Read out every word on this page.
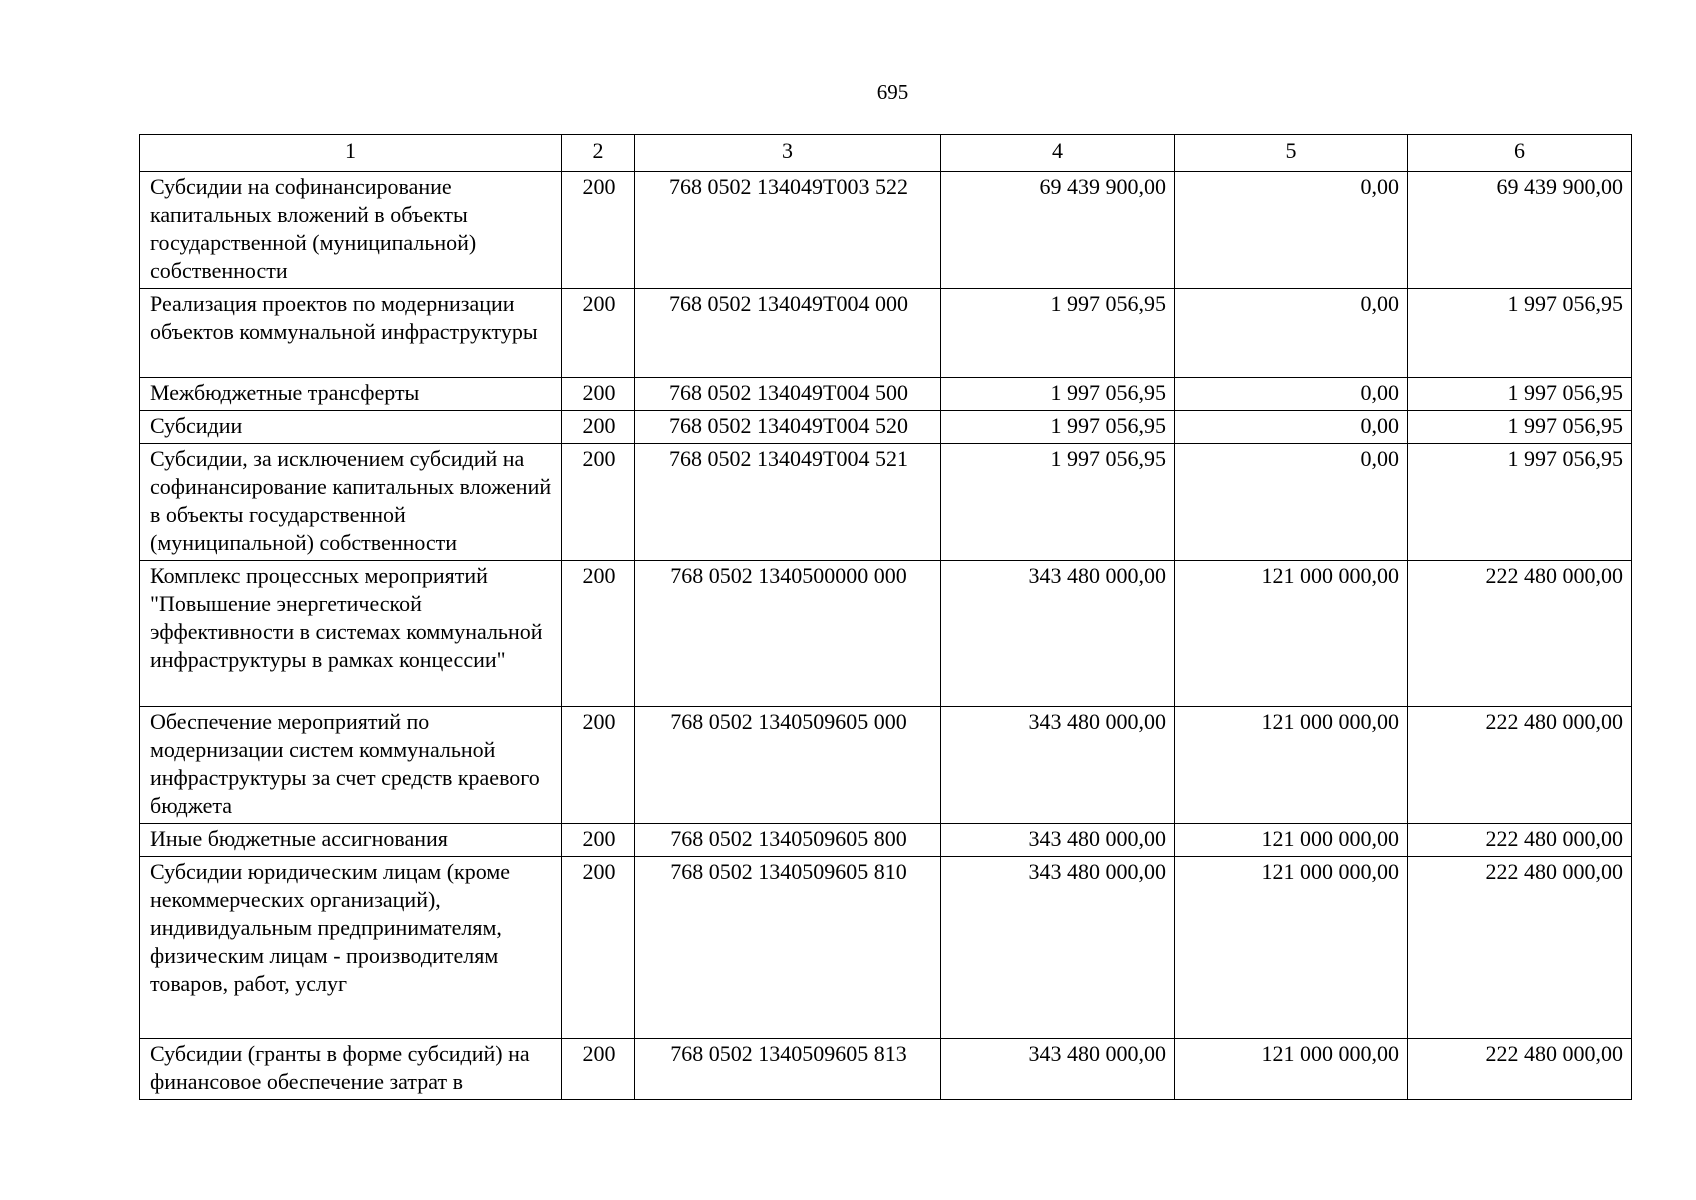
695
1	2	3	4	5	6
Субсидии на софинансирование капитальных вложений в объекты государственной (муниципальной) собственности	200	768 0502 134049Т003 522	69 439 900,00	0,00	69 439 900,00
Реализация проектов по модернизации объектов коммунальной инфраструктуры	200	768 0502 134049Т004 000	1 997 056,95	0,00	1 997 056,95
Межбюджетные трансферты	200	768 0502 134049Т004 500	1 997 056,95	0,00	1 997 056,95
Субсидии	200	768 0502 134049Т004 520	1 997 056,95	0,00	1 997 056,95
Субсидии, за исключением субсидий на софинансирование капитальных вложений в объекты государственной (муниципальной) собственности	200	768 0502 134049Т004 521	1 997 056,95	0,00	1 997 056,95
Комплекс процессных мероприятий "Повышение энергетической эффективности в системах коммунальной инфраструктуры в рамках концессии"	200	768 0502 1340500000 000	343 480 000,00	121 000 000,00	222 480 000,00
Обеспечение мероприятий по модернизации систем коммунальной инфраструктуры за счет средств краевого бюджета	200	768 0502 1340509605 000	343 480 000,00	121 000 000,00	222 480 000,00
Иные бюджетные ассигнования	200	768 0502 1340509605 800	343 480 000,00	121 000 000,00	222 480 000,00
Субсидии юридическим лицам (кроме некоммерческих организаций), индивидуальным предпринимателям, физическим лицам - производителям товаров, работ, услуг	200	768 0502 1340509605 810	343 480 000,00	121 000 000,00	222 480 000,00
Субсидии (гранты в форме субсидий) на финансовое обеспечение затрат в	200	768 0502 1340509605 813	343 480 000,00	121 000 000,00	222 480 000,00
